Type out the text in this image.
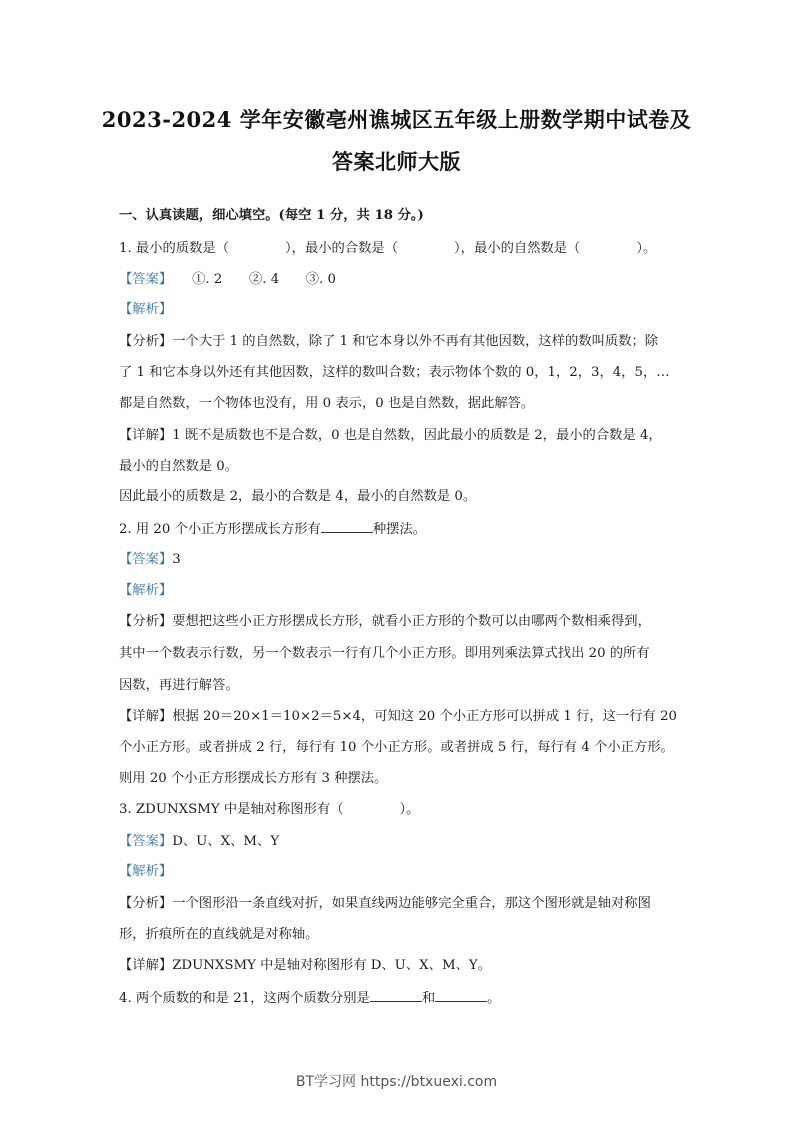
2023-2024 学年安徽亳州谯城区五年级上册数学期中试卷及
答案北师大版
一、认真读题，细心填空。(每空 1 分，共 18 分。)
1. 最小的质数是（	），最小的合数是（	），最小的自然数是（	）。
【答案】　　 ①. 2　　②. 4　　③. 0
【解析】
【分析】一个大于 1 的自然数，除了 1 和它本身以外不再有其他因数，这样的数叫质数；除
了 1 和它本身以外还有其他因数，这样的数叫合数；表示物体个数的 0，1，2，3，4，5，…
都是自然数，一个物体也没有，用 0 表示，0 也是自然数，据此解答。
【详解】1 既不是质数也不是合数，0 也是自然数，因此最小的质数是 2，最小的合数是 4，
最小的自然数是 0。
因此最小的质数是 2，最小的合数是 4，最小的自然数是 0。
2. 用 20 个小正方形摆成长方形有	种摆法。
【答案】3
【解析】
【分析】要想把这些小正方形摆成长方形，就看小正方形的个数可以由哪两个数相乘得到，
其中一个数表示行数，另一个数表示一行有几个小正方形。即用列乘法算式找出 20 的所有
因数，再进行解答。
【详解】根据 20＝20×1＝10×2＝5×4，可知这 20 个小正方形可以拼成 1 行，这一行有 20
个小正方形。或者拼成 2 行，每行有 10 个小正方形。或者拼成 5 行，每行有 4 个小正方形。
则用 20 个小正方形摆成长方形有 3 种摆法。
3. ZDUNXSMY 中是轴对称图形有（	）。
【答案】D、U、X、M、Y
【解析】
【分析】一个图形沿一条直线对折，如果直线两边能够完全重合，那这个图形就是轴对称图
形，折痕所在的直线就是对称轴。
【详解】ZDUNXSMY 中是轴对称图形有 D、U、X、M、Y。
4. 两个质数的和是 21，这两个质数分别是	和	。
BT学习网 https://btxuexi.com
